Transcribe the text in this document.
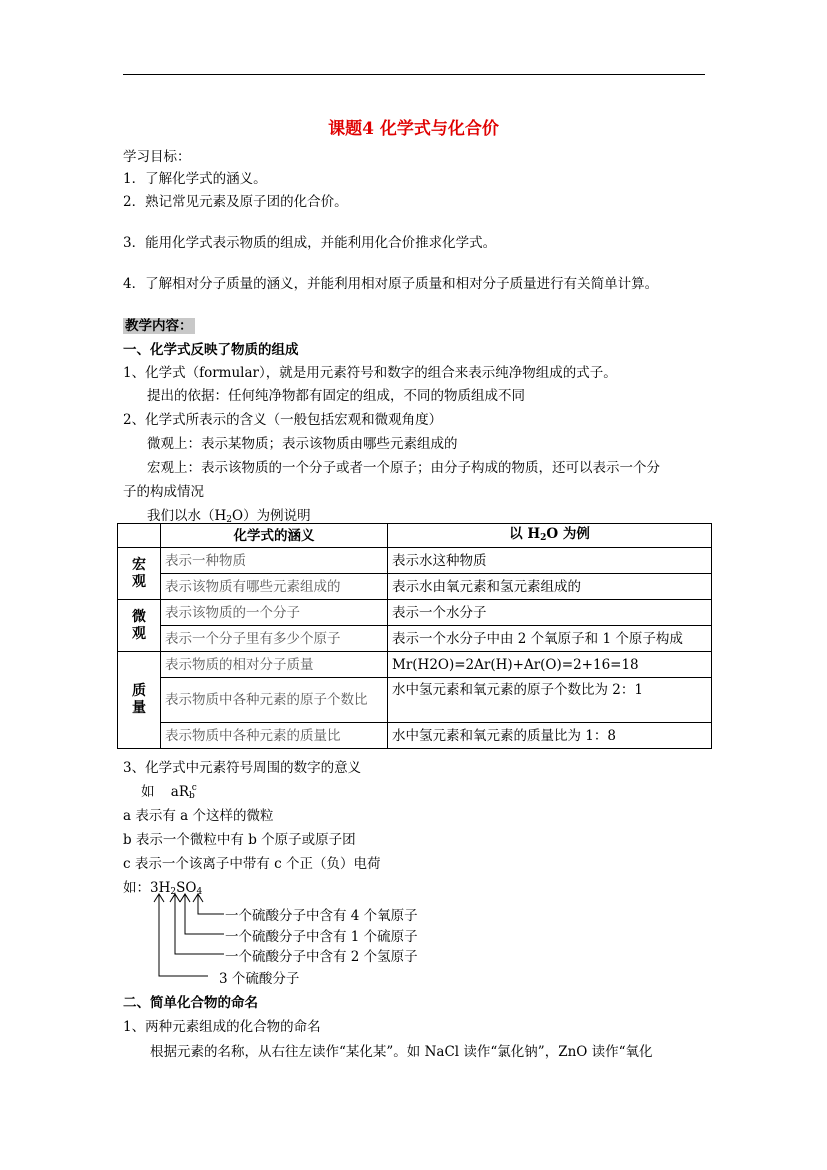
课题4 化学式与化合价
学习目标：
1．了解化学式的涵义。
2．熟记常见元素及原子团的化合价。
3．能用化学式表示物质的组成，并能利用化合价推求化学式。
4．了解相对分子质量的涵义，并能利用相对原子质量和相对分子质量进行有关简单计算。
教学内容：
一、化学式反映了物质的组成
1、化学式（formular），就是用元素符号和数字的组合来表示纯净物组成的式子。
提出的依据：任何纯净物都有固定的组成，不同的物质组成不同
2、化学式所表示的含义（一般包括宏观和微观角度）
微观上：表示某物质；表示该物质由哪些元素组成的
宏观上：表示该物质的一个分子或者一个原子；由分子构成的物质，还可以表示一个分
子的构成情况
我们以水$(H_2O)$为例说明
	化学式的涵义	以 $H_2O$ 为例
宏
观	表示一种物质	表示水这种物质
	表示该物质有哪些元素组成的	表示水由氧元素和氢元素组成的
微
观	表示该物质的一个分子	表示一个水分子
	表示一个分子里有多少个原子	表示一个水分子中由 2 个氧原子和 1 个原子构成
质
量	表示物质的相对分子质量	Mr(H2O)=2Ar(H)+Ar(O)=2+16=18
	表示物质中各种元素的原子个数比	水中氢元素和氧元素的原子个数比为 2：1
	表示物质中各种元素的质量比	水中氢元素和氧元素的质量比为 1：8
3、化学式中元素符号周围的数字的意义
如 $aR_b^c$
a 表示有 a 个这样的微粒
b 表示一个微粒中有 b 个原子或原子团
c 表示一个该离子中带有 c 个正（负）电荷
如：$3H_2SO_4$
一个硫酸分子中含有 4 个氧原子
一个硫酸分子中含有 1 个硫原子
一个硫酸分子中含有 2 个氢原子
3 个硫酸分子
二、简单化合物的命名
1、两种元素组成的化合物的命名
根据元素的名称，从右往左读作“某化某”。如 NaCl 读作“氯化钠”，ZnO 读作“氧化
